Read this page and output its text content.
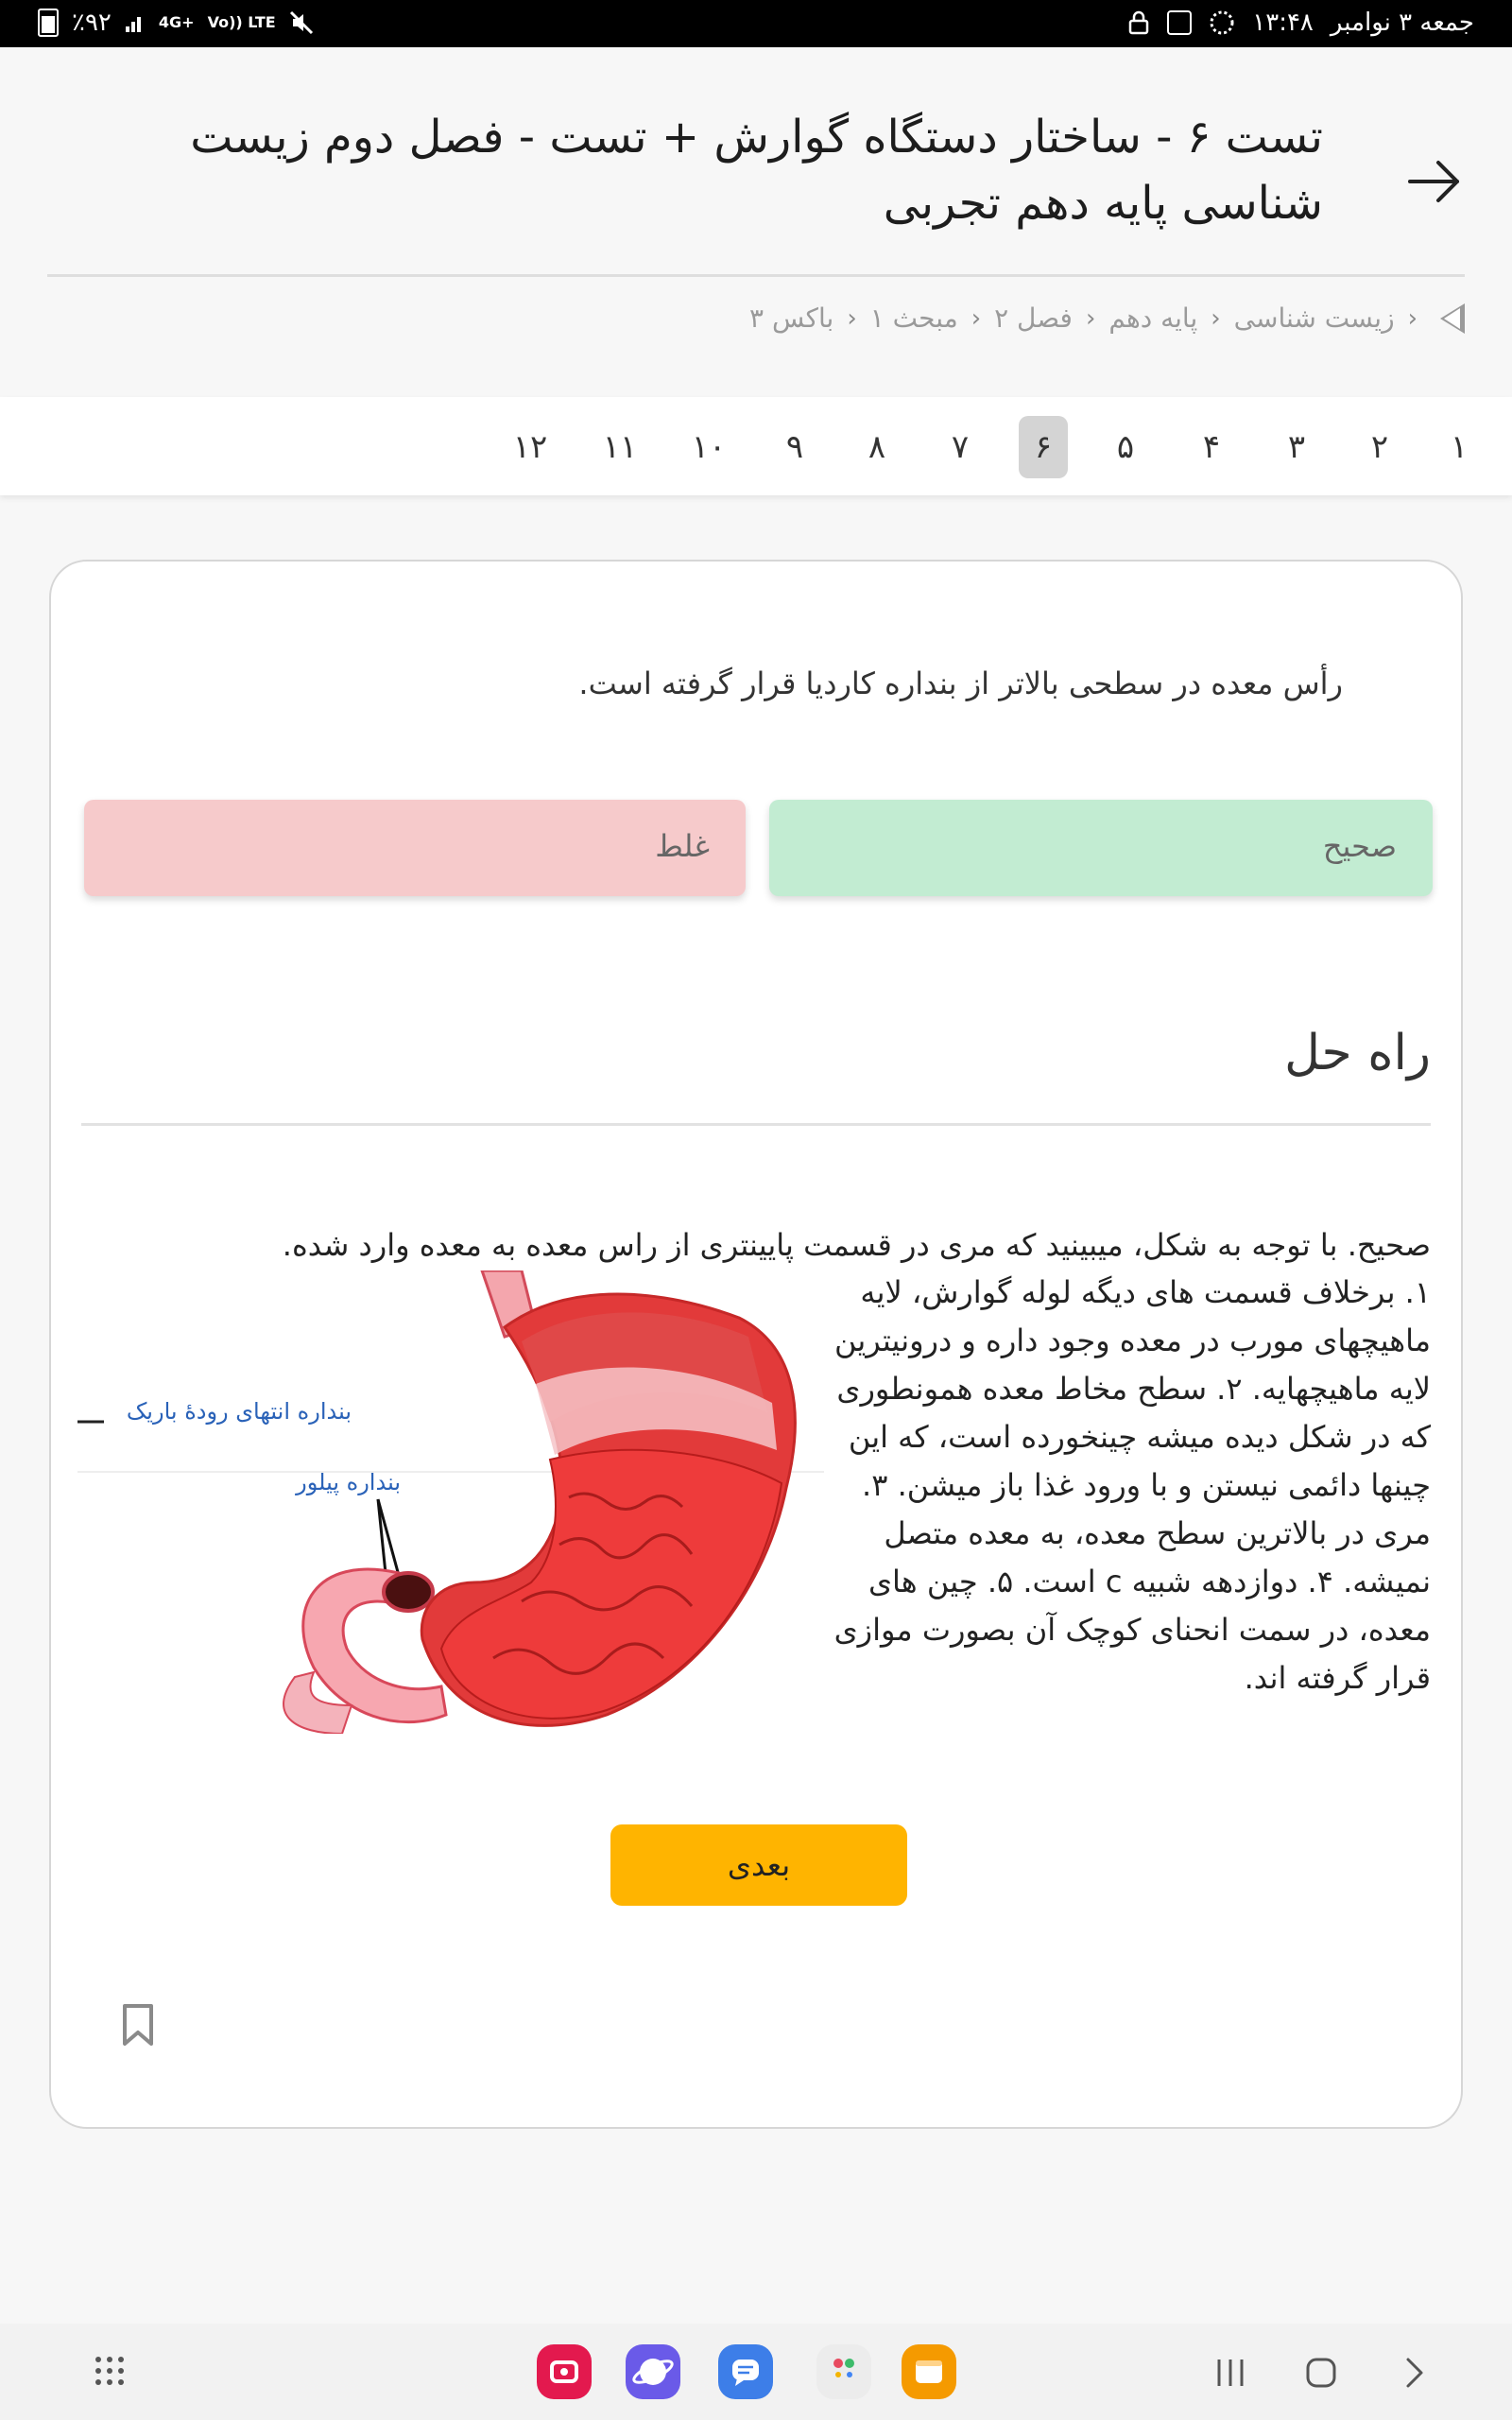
٪۹۲	4G+ Vo)) LTE	جمعه ۳ نوامبر
۱۳:۴۸
تست ۶ - ساختار دستگاه گوارش + تست - فصل دوم زیست شناسی پایه دهم تجربی
‹
زیست شناسی
‹
پایه دهم
‹
فصل ۲
‹
مبحث ۱
‹
باکس ۳
۱
۲
۳
۴
۵
۶
۷
۸
۹
۱۰
۱۱
۱۲
رأس معده در سطحی بالاتر از بنداره کاردیا قرار گرفته است.
صحیح
غلط
راه حل
صحیح. با توجه به شکل، میبینید که مری در قسمت پایینتری از راس معده به معده وارد شده.
بنداره انتهای رودهٔ باریک
بنداره پیلور
۱. برخلاف قسمت های دیگه لوله گوارش، لایه ماهیچهای مورب در معده وجود داره و درونیترین لایه ماهیچهایه. ۲. سطح مخاط معده همونطوری که در شکل دیده میشه چینخورده است، که این چینها دائمی نیستن و با ورود غذا باز میشن. ۳. مری در بالاترین سطح معده، به معده متصل نمیشه. ۴. دوازدهه شبیه c است. ۵. چین های معده، در سمت انحنای کوچک آن بصورت موازی قرار گرفته اند.
بعدی
